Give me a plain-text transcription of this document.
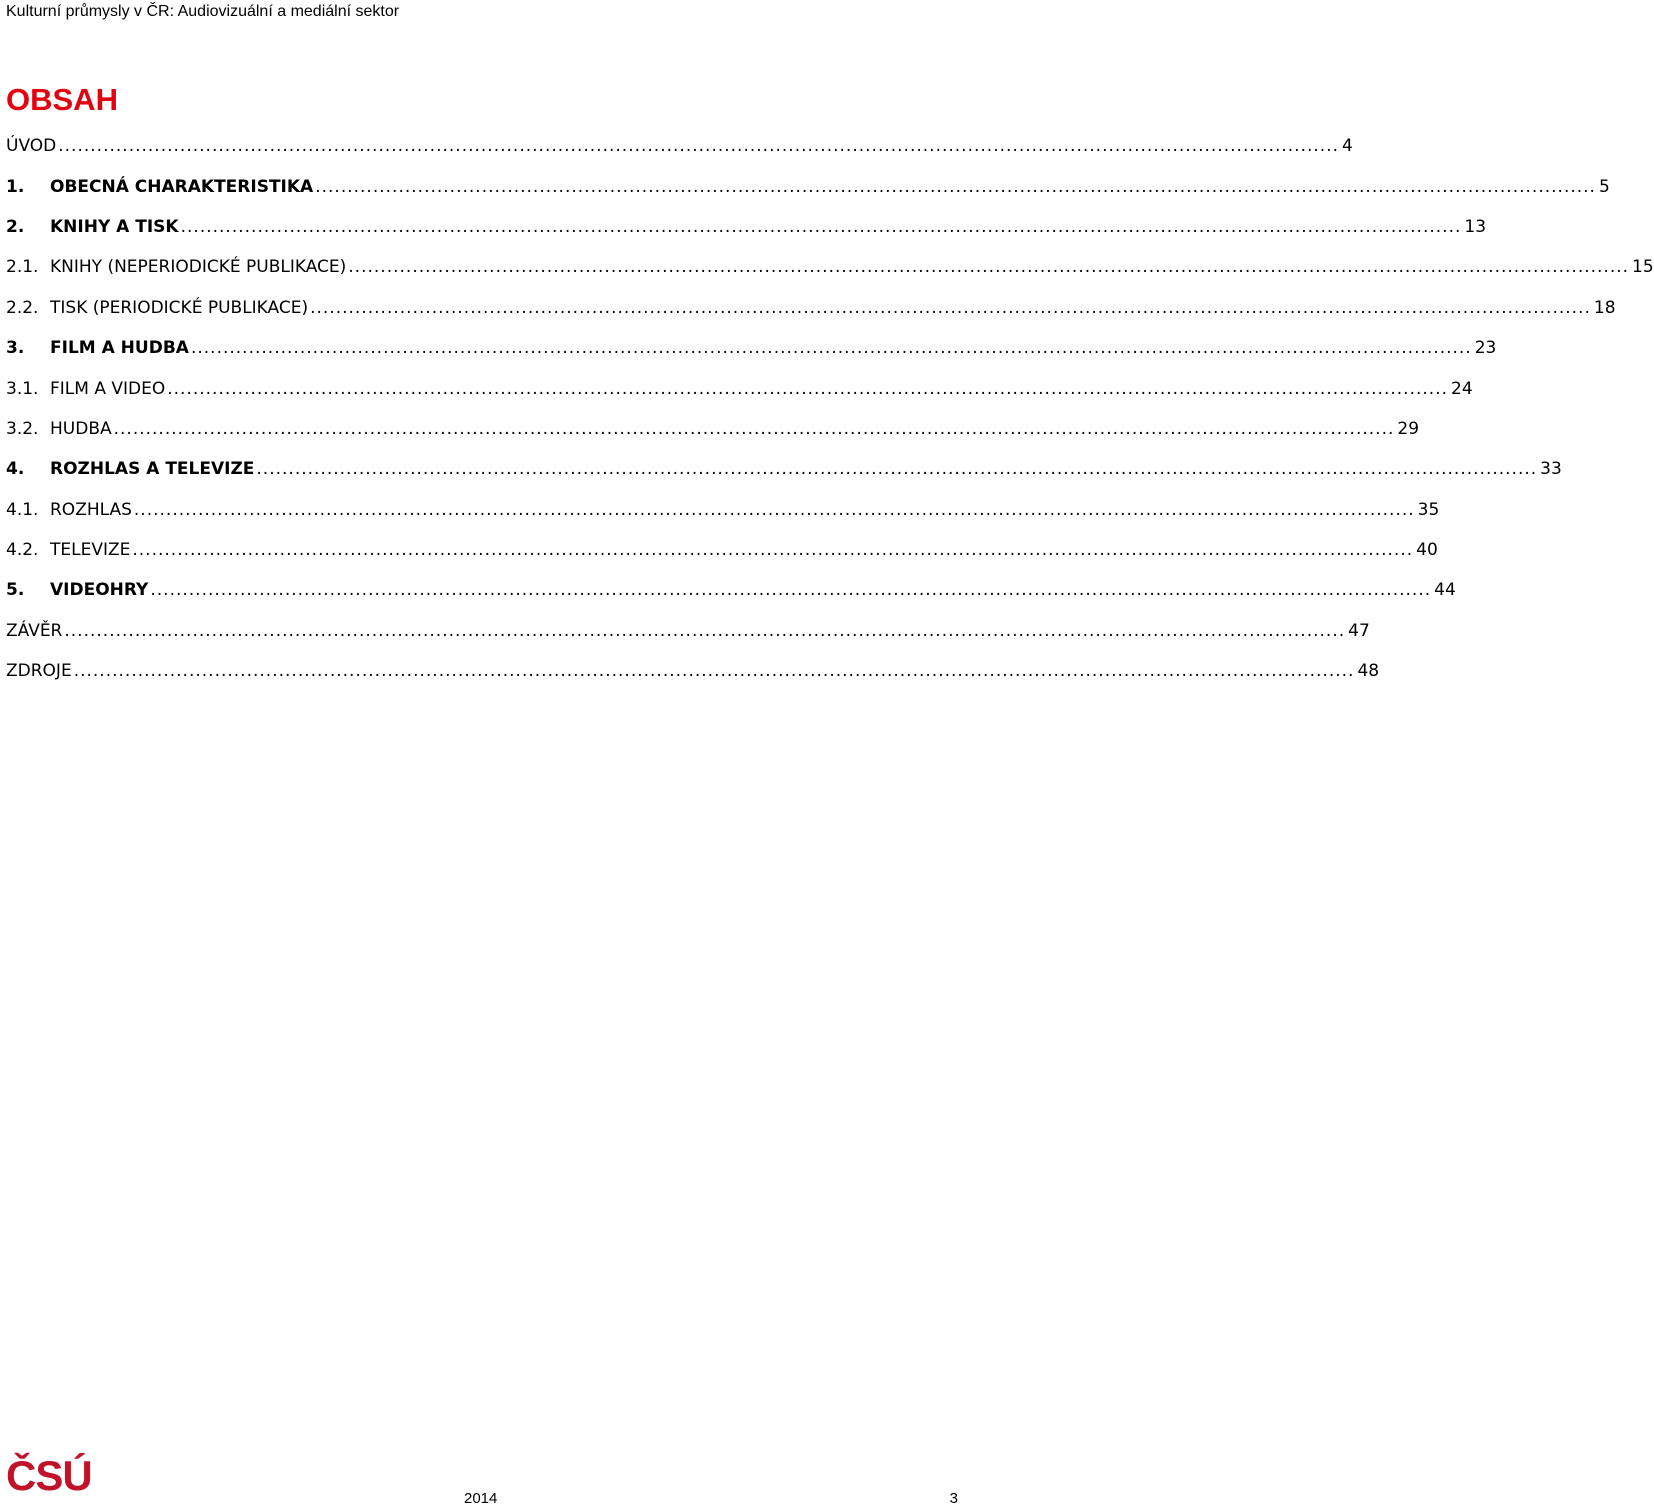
Kulturní průmysly v ČR: Audiovizuální a mediální sektor
OBSAH
ÚVOD ........................................................................................................................................................................................................ 4
1.	OBECNÁ CHARAKTERISTIKA ........................................................................................................................................................................................................ 5
2.	KNIHY A TISK ........................................................................................................................................................................................................ 13
2.1. KNIHY (NEPERIODICKÉ PUBLIKACE) ........................................................................................................................................................................................................ 15
2.2. TISK (PERIODICKÉ PUBLIKACE) ........................................................................................................................................................................................................ 18
3.	FILM A HUDBA ........................................................................................................................................................................................................ 23
3.1. FILM A VIDEO ........................................................................................................................................................................................................ 24
3.2. HUDBA ........................................................................................................................................................................................................ 29
4.	ROZHLAS A TELEVIZE ........................................................................................................................................................................................................ 33
4.1. ROZHLAS ........................................................................................................................................................................................................ 35
4.2. TELEVIZE ........................................................................................................................................................................................................ 40
5.	VIDEOHRY ........................................................................................................................................................................................................ 44
ZÁVĚR ........................................................................................................................................................................................................ 47
ZDROJE ........................................................................................................................................................................................................ 48
ČSÚ	2014	3
